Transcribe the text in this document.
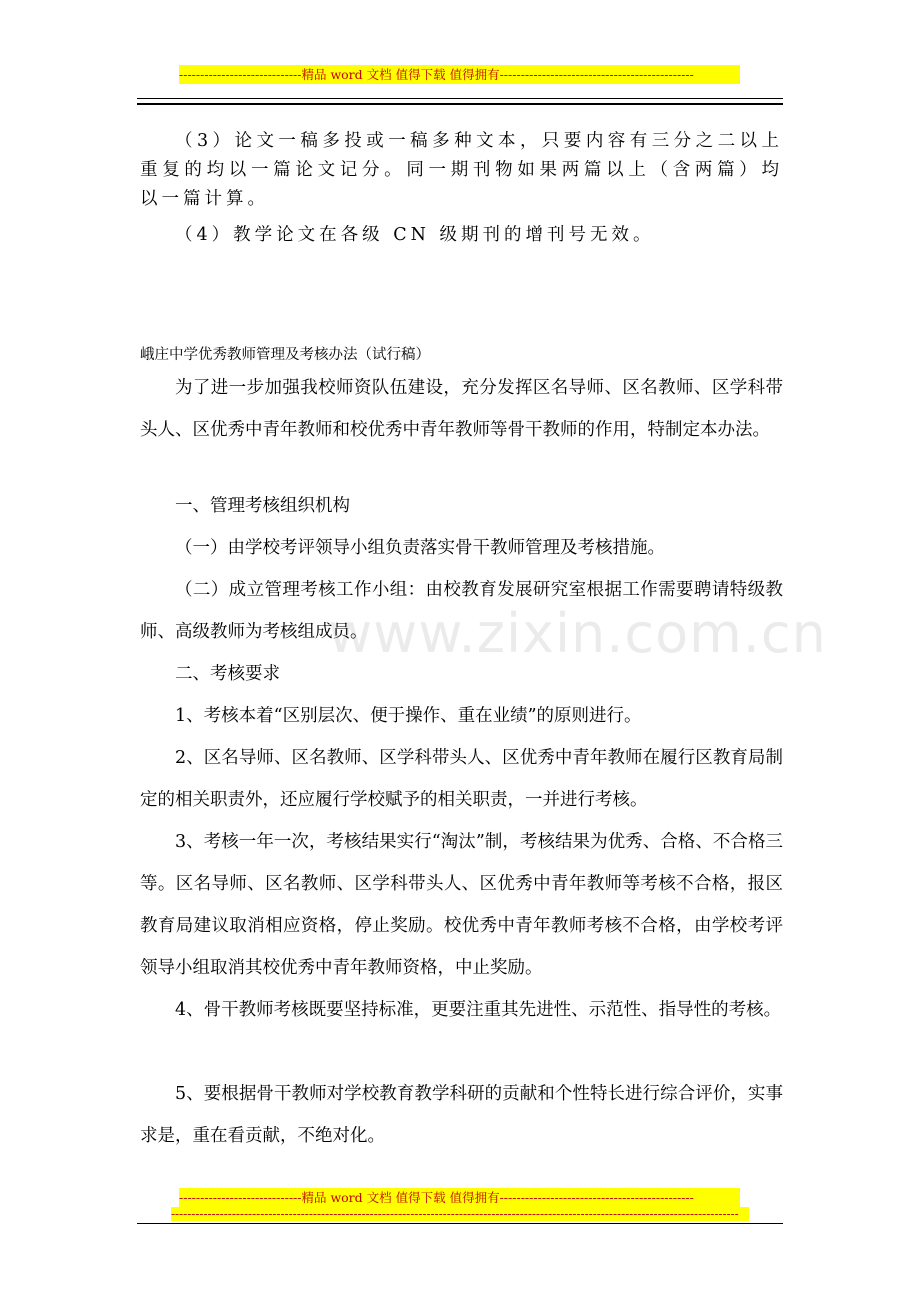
-----------------------------精品 word 文档 值得下载 值得拥有----------------------------------------------

（3）论文一稿多投或一稿多种文本，只要内容有三分之二以上重复的均以一篇论文记分。同一期刊物如果两篇以上（含两篇）均以一篇计算。

（4）教学论文在各级 CN 级期刊的增刊号无效。

峨庄中学优秀教师管理及考核办法（试行稿）

为了进一步加强我校师资队伍建设，充分发挥区名导师、区名教师、区学科带头人、区优秀中青年教师和校优秀中青年教师等骨干教师的作用，特制定本办法。

一、管理考核组织机构

（一）由学校考评领导小组负责落实骨干教师管理及考核措施。

（二）成立管理考核工作小组：由校教育发展研究室根据工作需要聘请特级教师、高级教师为考核组成员。

二、考核要求

1、考核本着“区别层次、便于操作、重在业绩”的原则进行。

2、区名导师、区名教师、区学科带头人、区优秀中青年教师在履行区教育局制定的相关职责外，还应履行学校赋予的相关职责，一并进行考核。

3、考核一年一次，考核结果实行“淘汰”制，考核结果为优秀、合格、不合格三等。区名导师、区名教师、区学科带头人、区优秀中青年教师等考核不合格，报区教育局建议取消相应资格，停止奖励。校优秀中青年教师考核不合格，由学校考评领导小组取消其校优秀中青年教师资格，中止奖励。

4、骨干教师考核既要坚持标准，更要注重其先进性、示范性、指导性的考核。

5、要根据骨干教师对学校教育教学科研的贡献和个性特长进行综合评价，实事求是，重在看贡献，不绝对化。

www.zixin.com.cn
-----------------------------精品 word 文档 值得下载 值得拥有----------------------------------------------
--------------------------------------------------------------------------------------------------------------------------------------------
